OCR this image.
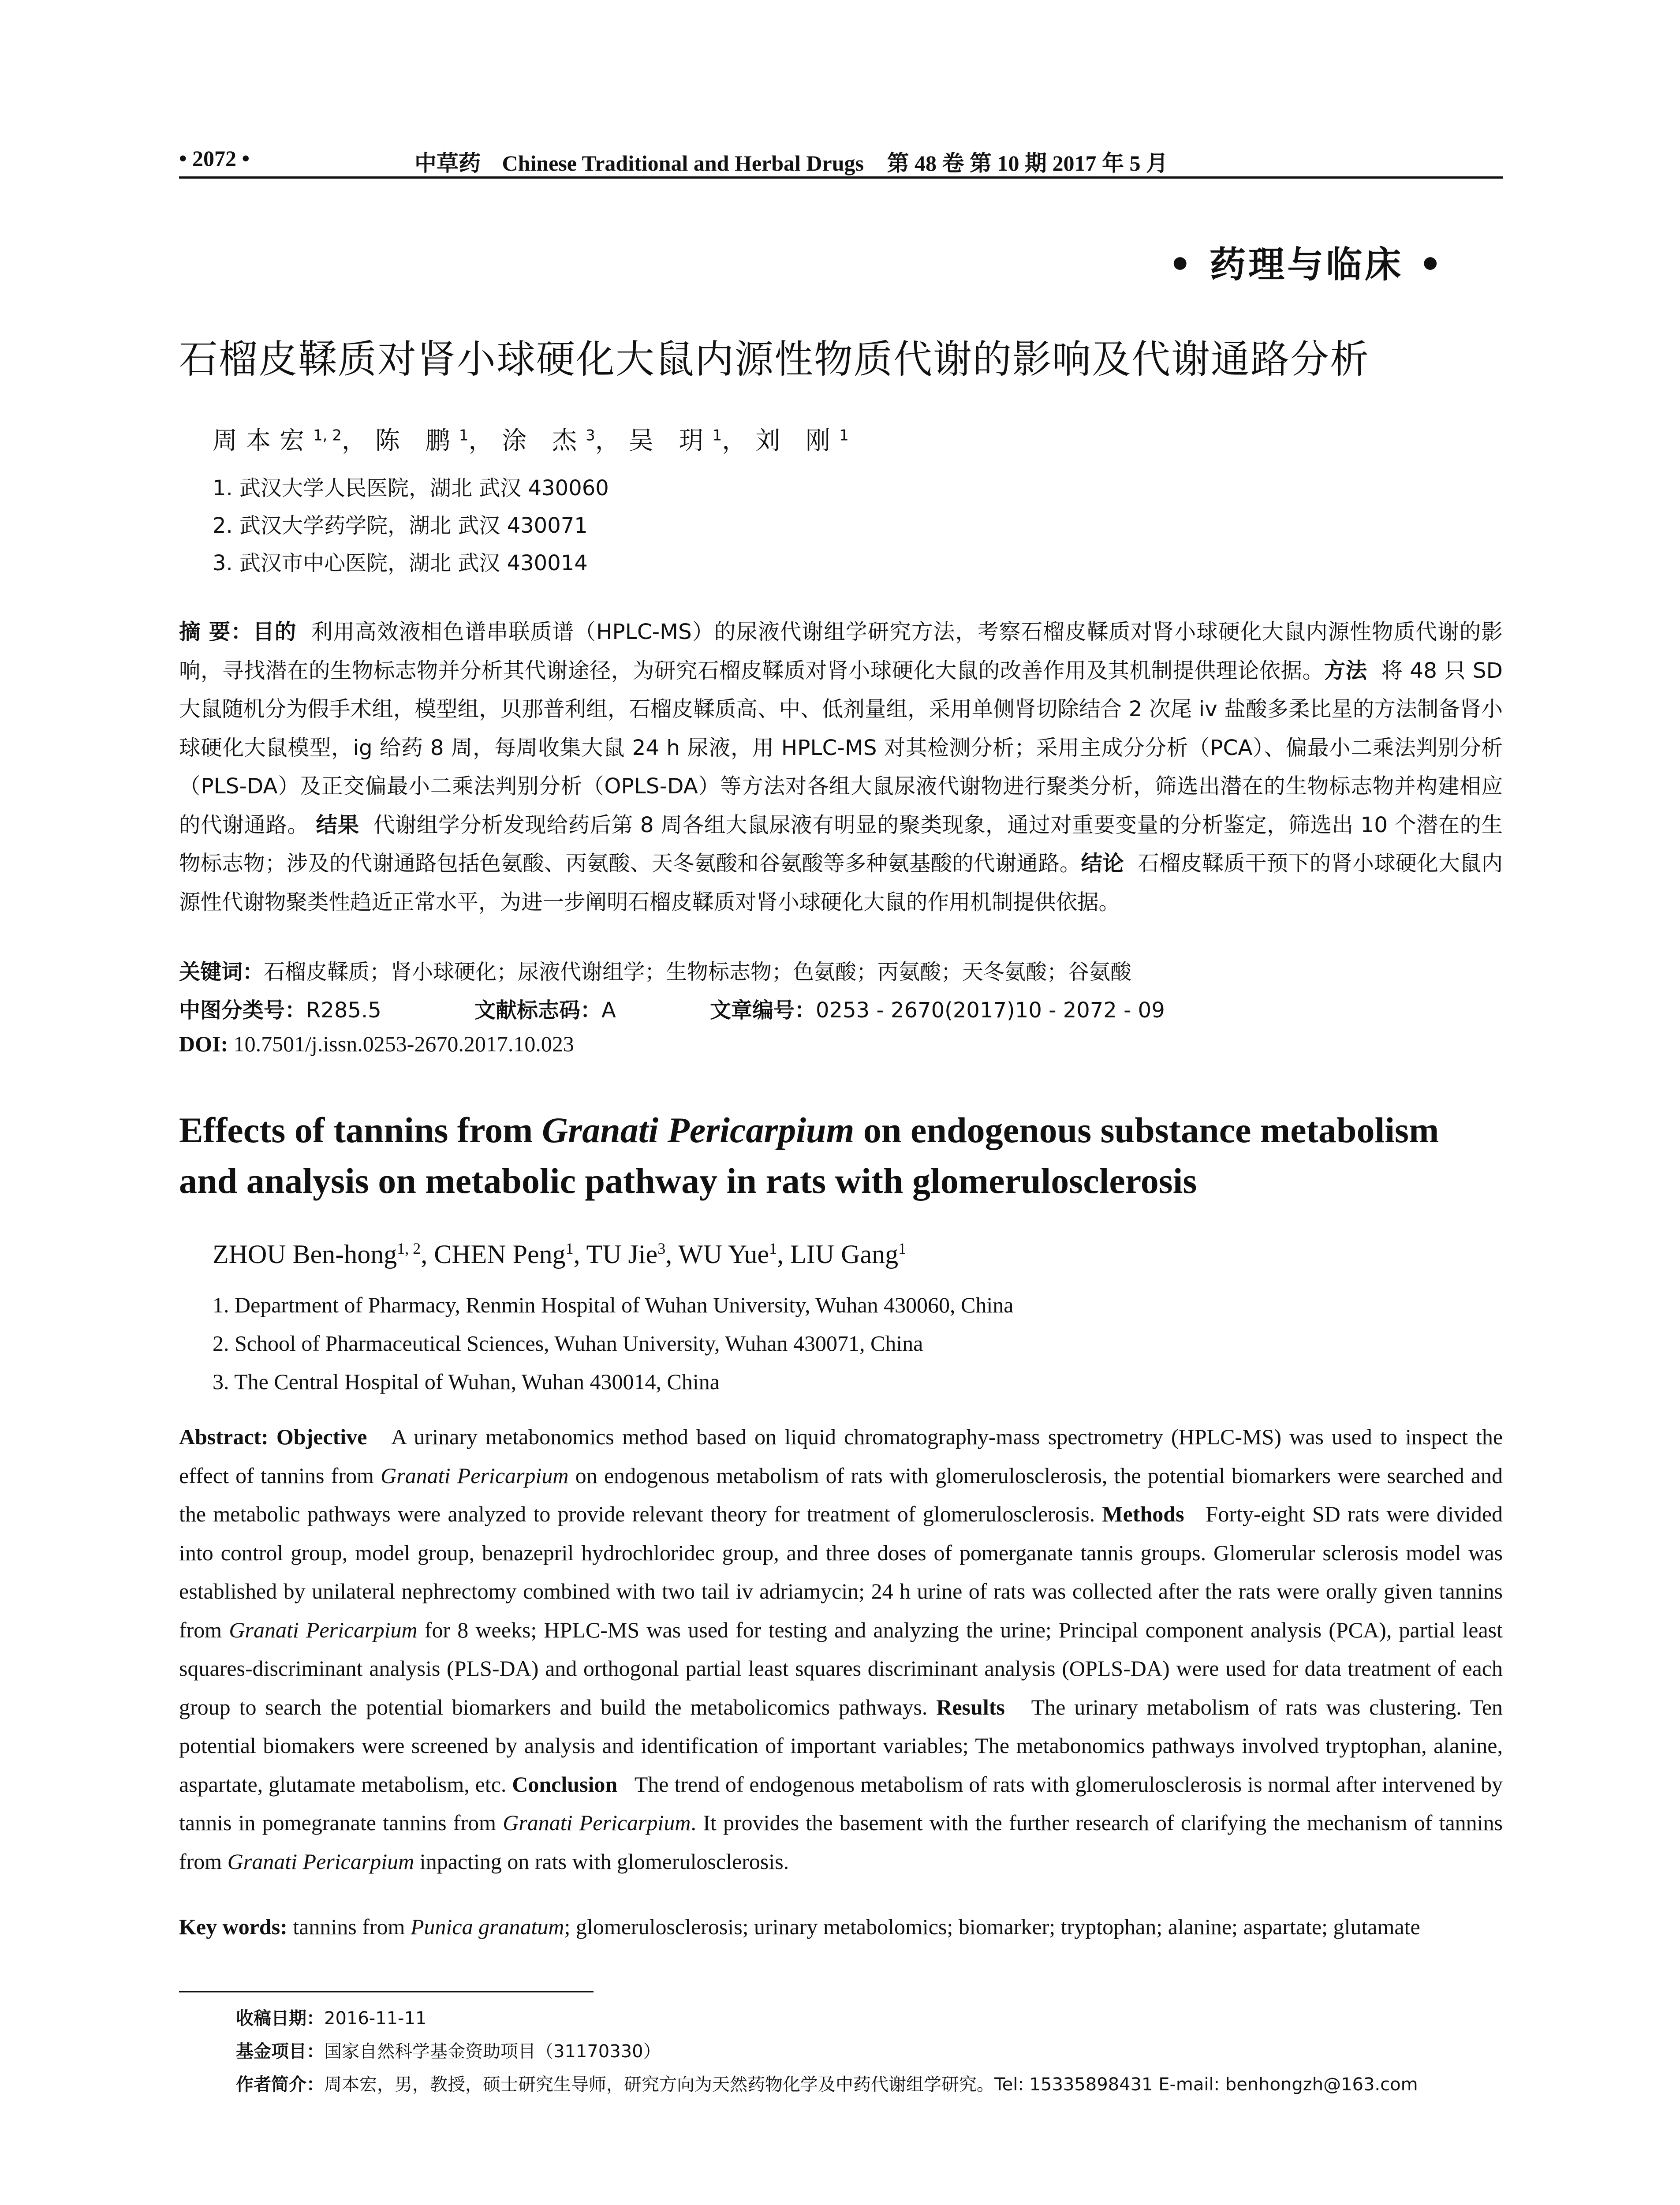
• 2072 •	中草药 Chinese Traditional and Herbal Drugs 第 48 卷 第 10 期 2017 年 5 月
• 药理与临床 •
石榴皮鞣质对肾小球硬化大鼠内源性物质代谢的影响及代谢通路分析
周本宏$^{1, 2}$，陈 鹏$^1$，涂 杰$^3$，吴 玥$^1$，刘 刚$^1$
1. 武汉大学人民医院，湖北 武汉 430060
2. 武汉大学药学院，湖北 武汉 430071
3. 武汉市中心医院，湖北 武汉 430014
摘 要：目的 利用高效液相色谱串联质谱（HPLC-MS）的尿液代谢组学研究方法，考察石榴皮鞣质对肾小球硬化大鼠内源性物质代谢的影响，寻找潜在的生物标志物并分析其代谢途径，为研究石榴皮鞣质对肾小球硬化大鼠的改善作用及其机制提供理论依据。方法 将 48 只 SD 大鼠随机分为假手术组，模型组，贝那普利组，石榴皮鞣质高、中、低剂量组，采用单侧肾切除结合 2 次尾 iv 盐酸多柔比星的方法制备肾小球硬化大鼠模型，ig 给药 8 周，每周收集大鼠 24 h 尿液，用 HPLC-MS 对其检测分析；采用主成分分析（PCA）、偏最小二乘法判别分析（PLS-DA）及正交偏最小二乘法判别分析（OPLS-DA）等方法对各组大鼠尿液代谢物进行聚类分析，筛选出潜在的生物标志物并构建相应的代谢通路。 结果 代谢组学分析发现给药后第 8 周各组大鼠尿液有明显的聚类现象，通过对重要变量的分析鉴定，筛选出 10 个潜在的生物标志物；涉及的代谢通路包括色氨酸、丙氨酸、天冬氨酸和谷氨酸等多种氨基酸的代谢通路。结论 石榴皮鞣质干预下的肾小球硬化大鼠内源性代谢物聚类性趋近正常水平，为进一步阐明石榴皮鞣质对肾小球硬化大鼠的作用机制提供依据。
关键词：石榴皮鞣质；肾小球硬化；尿液代谢组学；生物标志物；色氨酸；丙氨酸；天冬氨酸；谷氨酸
中图分类号：R285.5	文献标志码：A	文章编号：0253 - 2670(2017)10 - 2072 - 09
DOI: 10.7501/j.issn.0253-2670.2017.10.023
Effects of tannins from Granati Pericarpium on endogenous substance metabolism and analysis on metabolic pathway in rats with glomerulosclerosis
ZHOU Ben-hong$^{1, 2}$, CHEN Peng$^1$, TU Jie$^3$, WU Yue$^1$, LIU Gang$^1$
1. Department of Pharmacy, Renmin Hospital of Wuhan University, Wuhan 430060, China
2. School of Pharmaceutical Sciences, Wuhan University, Wuhan 430071, China
3. The Central Hospital of Wuhan, Wuhan 430014, China
Abstract: Objective A urinary metabonomics method based on liquid chromatography-mass spectrometry (HPLC-MS) was used to inspect the effect of tannins from Granati Pericarpium on endogenous metabolism of rats with glomerulosclerosis, the potential biomarkers were searched and the metabolic pathways were analyzed to provide relevant theory for treatment of glomerulosclerosis. Methods Forty-eight SD rats were divided into control group, model group, benazepril hydrochloridec group, and three doses of pomerganate tannis groups. Glomerular sclerosis model was established by unilateral nephrectomy combined with two tail iv adriamycin; 24 h urine of rats was collected after the rats were orally given tannins from Granati Pericarpium for 8 weeks; HPLC-MS was used for testing and analyzing the urine; Principal component analysis (PCA), partial least squares-discriminant analysis (PLS-DA) and orthogonal partial least squares discriminant analysis (OPLS-DA) were used for data treatment of each group to search the potential biomarkers and build the metabolicomics pathways. Results The urinary metabolism of rats was clustering. Ten potential biomakers were screened by analysis and identification of important variables; The metabonomics pathways involved tryptophan, alanine, aspartate, glutamate metabolism, etc. Conclusion The trend of endogenous metabolism of rats with glomerulosclerosis is normal after intervened by tannis in pomegranate tannins from Granati Pericarpium. It provides the basement with the further research of clarifying the mechanism of tannins from Granati Pericarpium inpacting on rats with glomerulosclerosis.
Key words: tannins from Punica granatum; glomerulosclerosis; urinary metabolomics; biomarker; tryptophan; alanine; aspartate; glutamate
收稿日期：2016-11-11
基金项目：国家自然科学基金资助项目（31170330）
作者简介：周本宏，男，教授，硕士研究生导师，研究方向为天然药物化学及中药代谢组学研究。Tel: 15335898431 E-mail: benhongzh@163.com
